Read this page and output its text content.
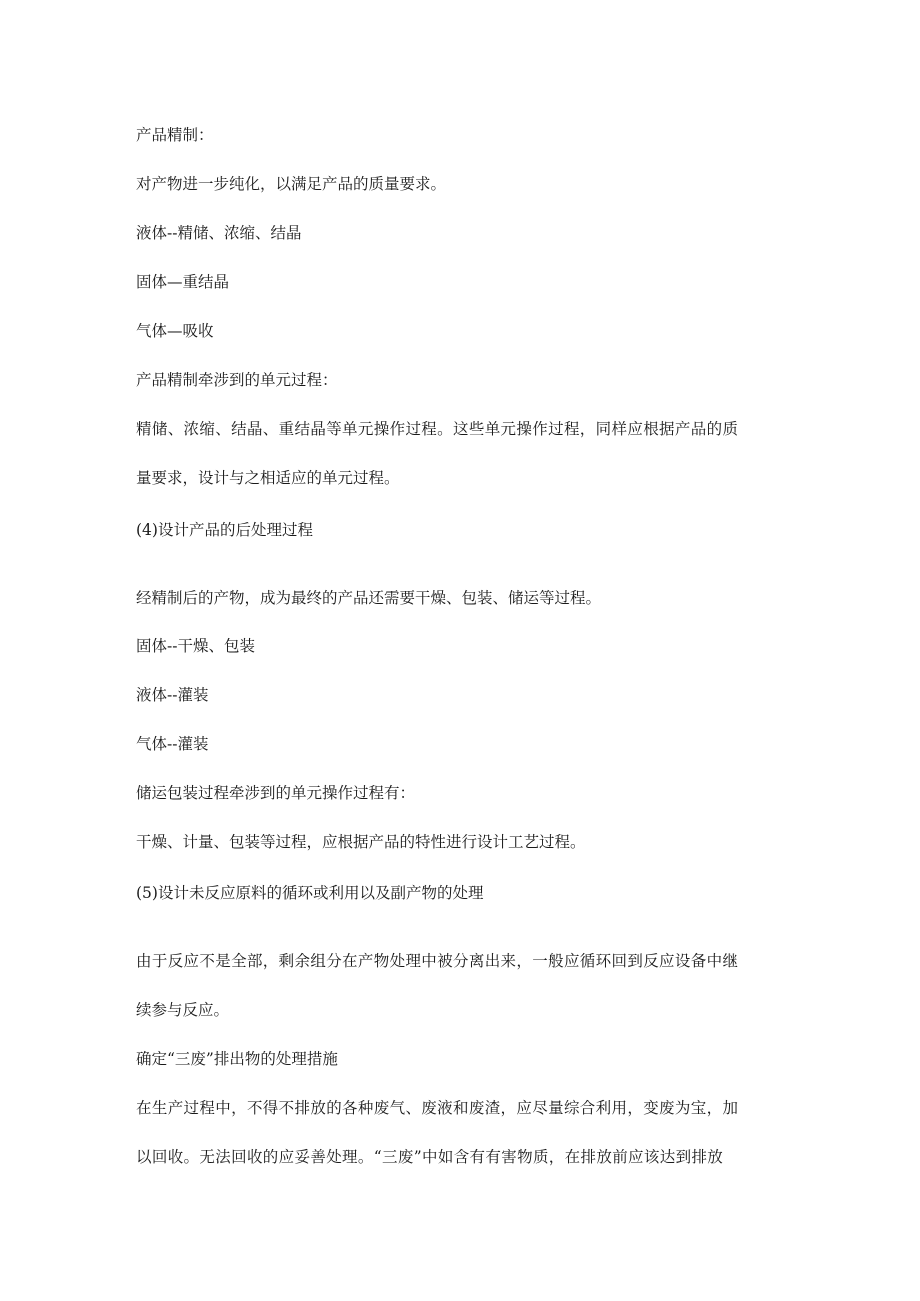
产品精制：
对产物进一步纯化，以满足产品的质量要求。
液体--精储、浓缩、结晶
固体—重结晶
气体—吸收
产品精制牵涉到的单元过程：
精储、浓缩、结晶、重结晶等单元操作过程。这些单元操作过程，同样应根据产品的质
量要求，设计与之相适应的单元过程。
(4)设计产品的后处理过程
经精制后的产物，成为最终的产品还需要干燥、包装、储运等过程。
固体--干燥、包装
液体--灌装
气体--灌装
储运包装过程牵涉到的单元操作过程有：
干燥、计量、包装等过程，应根据产品的特性进行设计工艺过程。
(5)设计未反应原料的循环或利用以及副产物的处理
由于反应不是全部，剩余组分在产物处理中被分离出来，一般应循环回到反应设备中继
续参与反应。
确定“三废”排出物的处理措施
在生产过程中，不得不排放的各种废气、废液和废渣，应尽量综合利用，变废为宝，加
以回收。无法回收的应妥善处理。“三废”中如含有有害物质，在排放前应该达到排放
